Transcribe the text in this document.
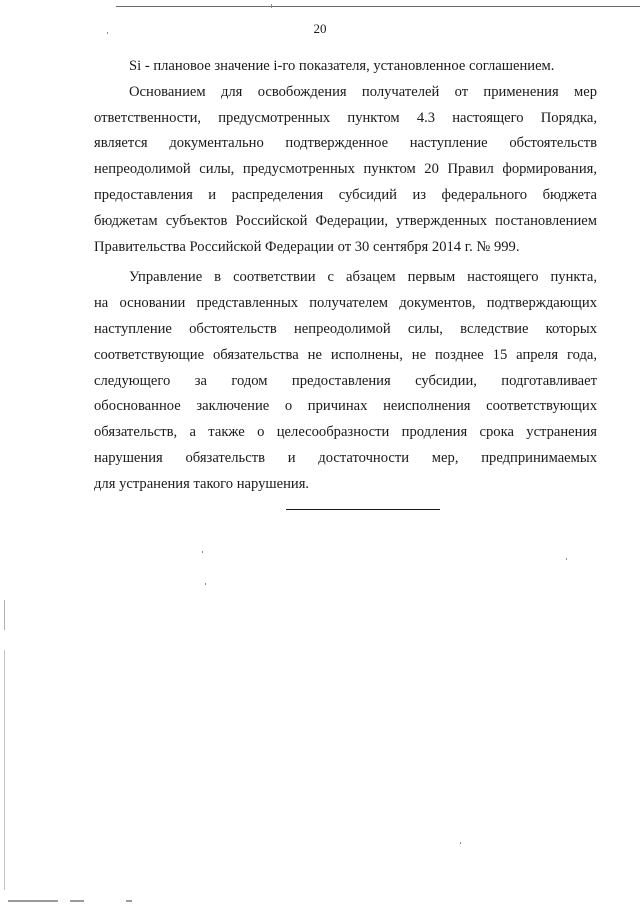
20

Si - плановое значение i-го показателя, установленное соглашением.

Основанием для освобождения получателей от применения мер
ответственности, предусмотренных пунктом 4.3 настоящего Порядка,
является документально подтвержденное наступление обстоятельств
непреодолимой силы, предусмотренных пунктом 20 Правил формирования,
предоставления и распределения субсидий из федерального бюджета
бюджетам субъектов Российской Федерации, утвержденных постановлением
Правительства Российской Федерации от 30 сентября 2014 г. № 999.

Управление в соответствии с абзацем первым настоящего пункта,
на основании представленных получателем документов, подтверждающих
наступление обстоятельств непреодолимой силы, вследствие которых
соответствующие обязательства не исполнены, не позднее 15 апреля года,
следующего за годом предоставления субсидии, подготавливает
обоснованное заключение о причинах неисполнения соответствующих
обязательств, а также о целесообразности продления срока устранения
нарушения обязательств и достаточности мер, предпринимаемых
для устранения такого нарушения.
